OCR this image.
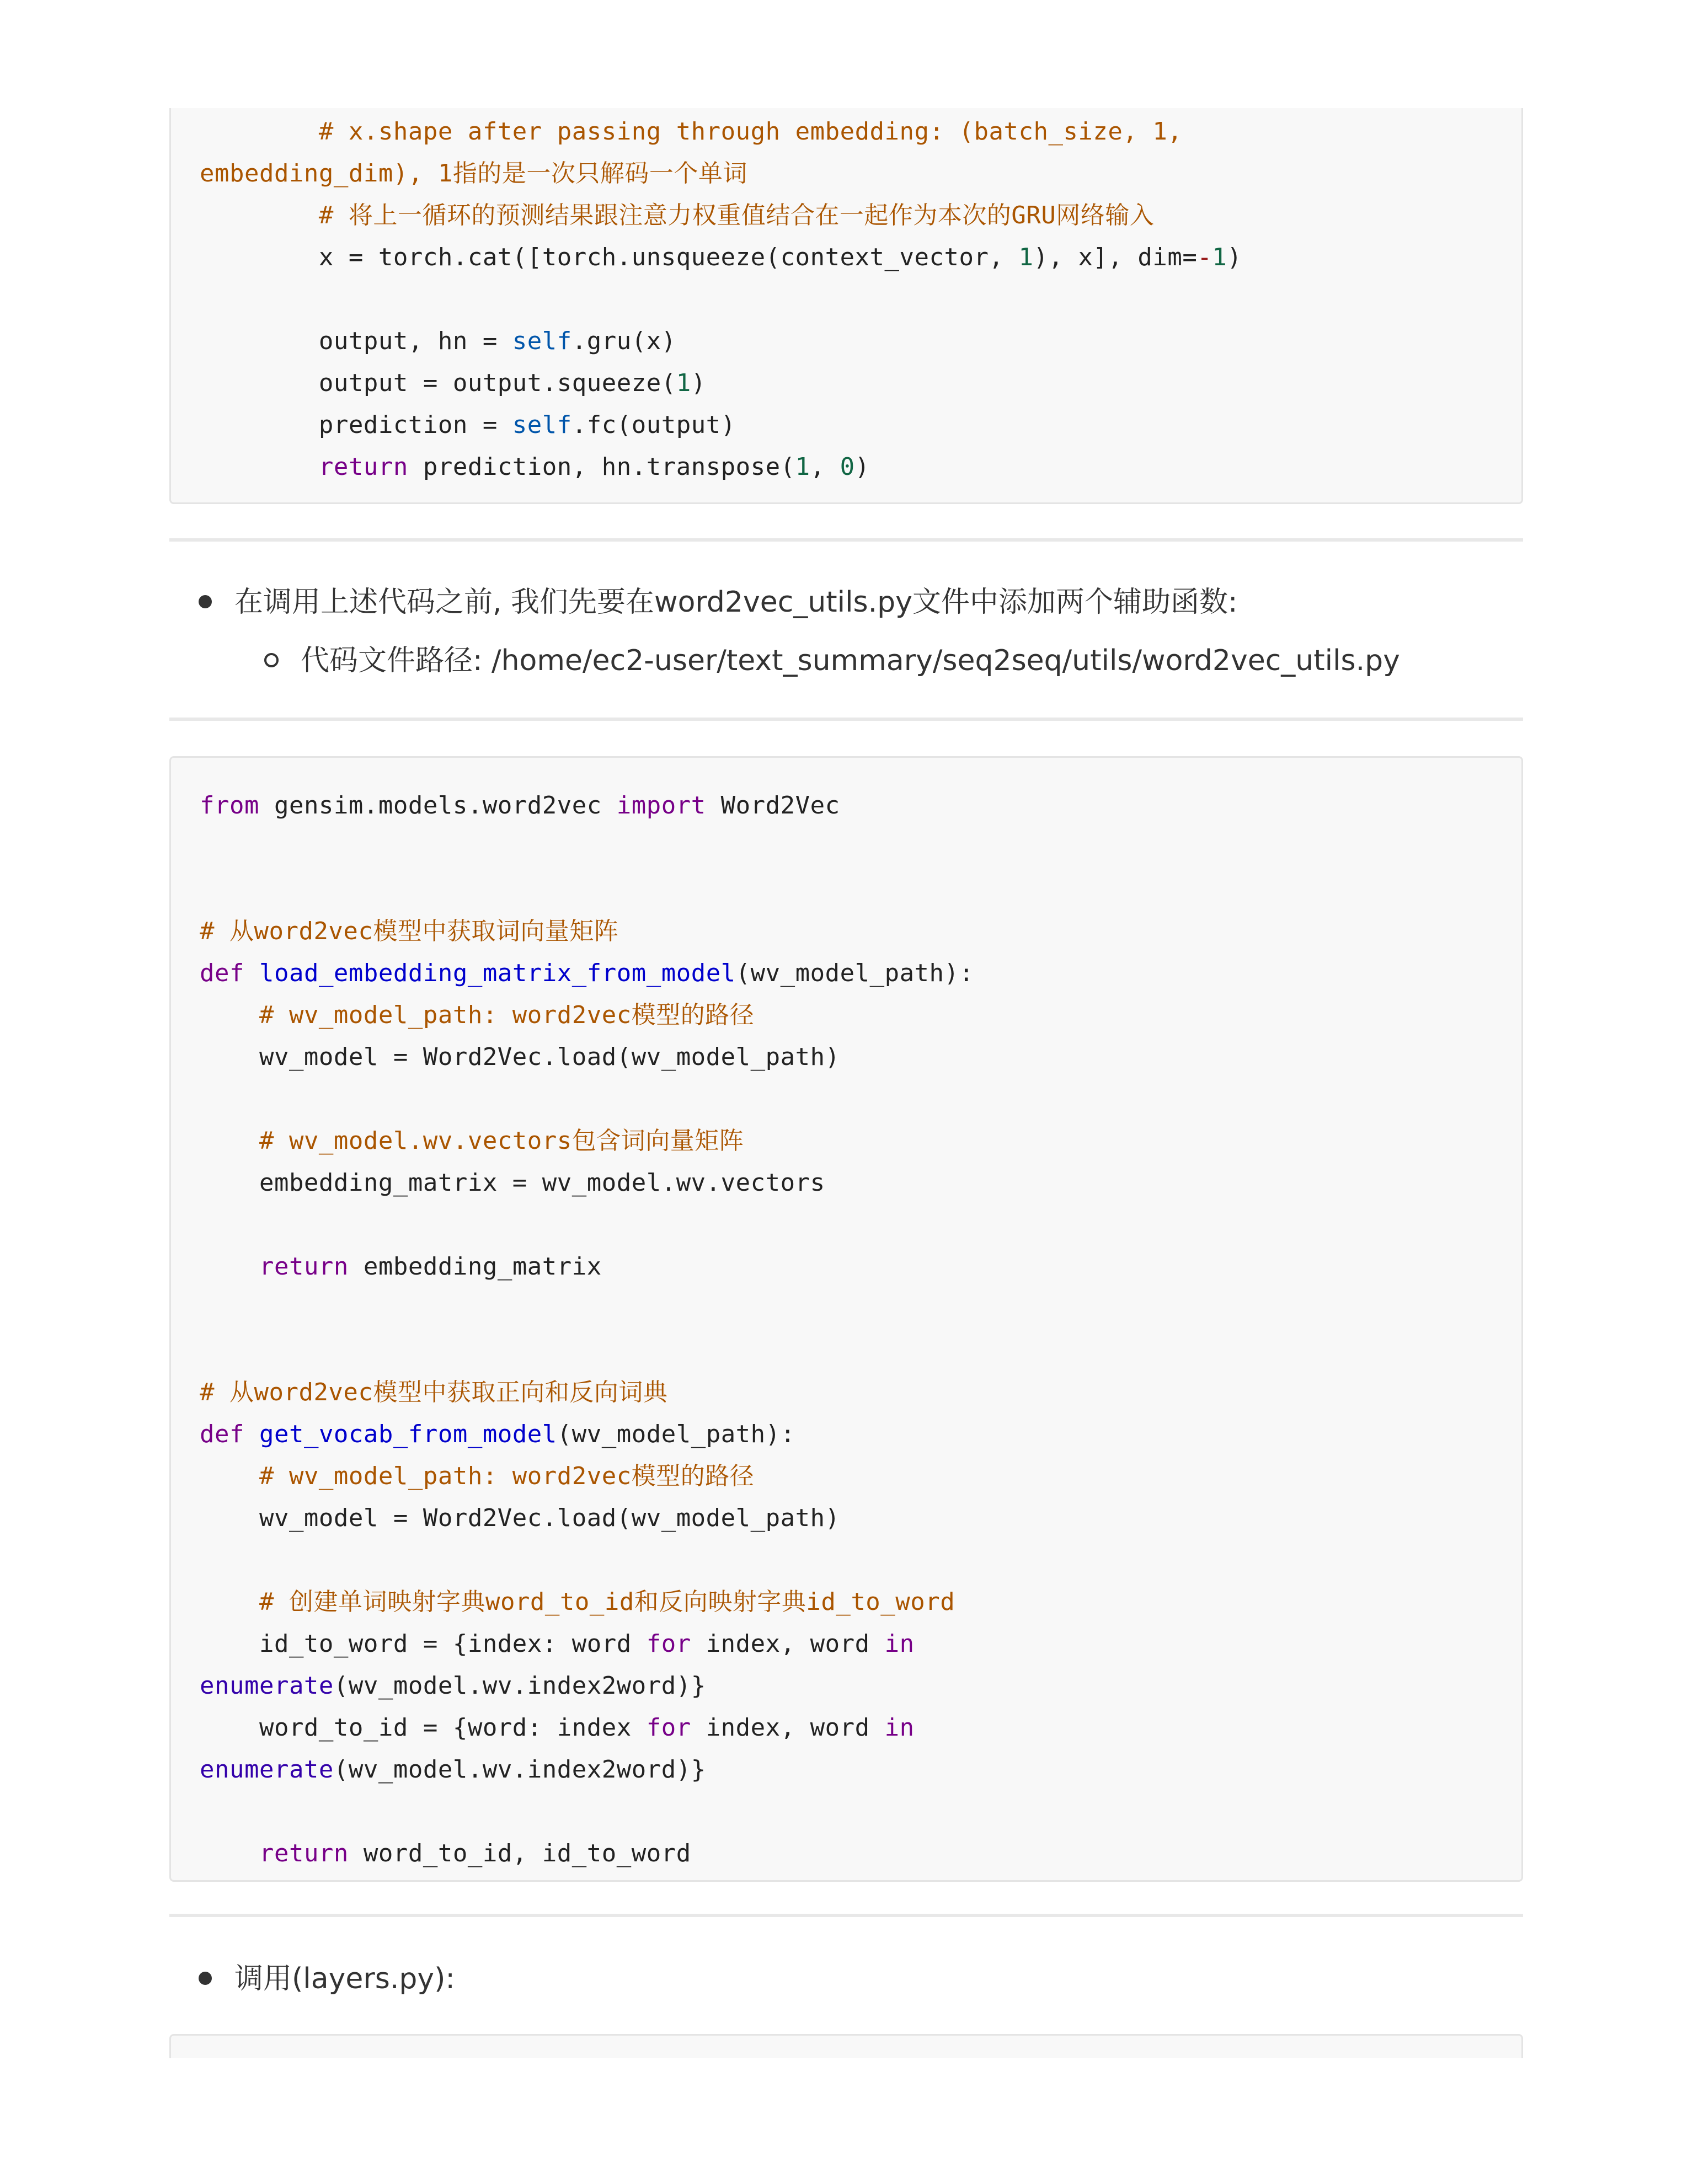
# x.shape after passing through embedding: (batch_size, 1,
embedding_dim), 1指的是一次只解码一个单词
# 将上一循环的预测结果跟注意力权重值结合在一起作为本次的GRU网络输入
x = torch.cat([torch.unsqueeze(context_vector, 1), x], dim=-1)
output, hn = self.gru(x)
output = output.squeeze(1)
prediction = self.fc(output)
return prediction, hn.transpose(1, 0)
在调用上述代码之前, 我们先要在word2vec_utils.py文件中添加两个辅助函数:
代码文件路径: /home/ec2-user/text_summary/seq2seq/utils/word2vec_utils.py
from gensim.models.word2vec import Word2Vec
# 从word2vec模型中获取词向量矩阵
def load_embedding_matrix_from_model(wv_model_path):
# wv_model_path: word2vec模型的路径
wv_model = Word2Vec.load(wv_model_path)
# wv_model.wv.vectors包含词向量矩阵
embedding_matrix = wv_model.wv.vectors
return embedding_matrix
# 从word2vec模型中获取正向和反向词典
def get_vocab_from_model(wv_model_path):
# wv_model_path: word2vec模型的路径
wv_model = Word2Vec.load(wv_model_path)
# 创建单词映射字典word_to_id和反向映射字典id_to_word
id_to_word = {index: word for index, word in
enumerate(wv_model.wv.index2word)}
word_to_id = {word: index for index, word in
enumerate(wv_model.wv.index2word)}
return word_to_id, id_to_word
调用(layers.py):
